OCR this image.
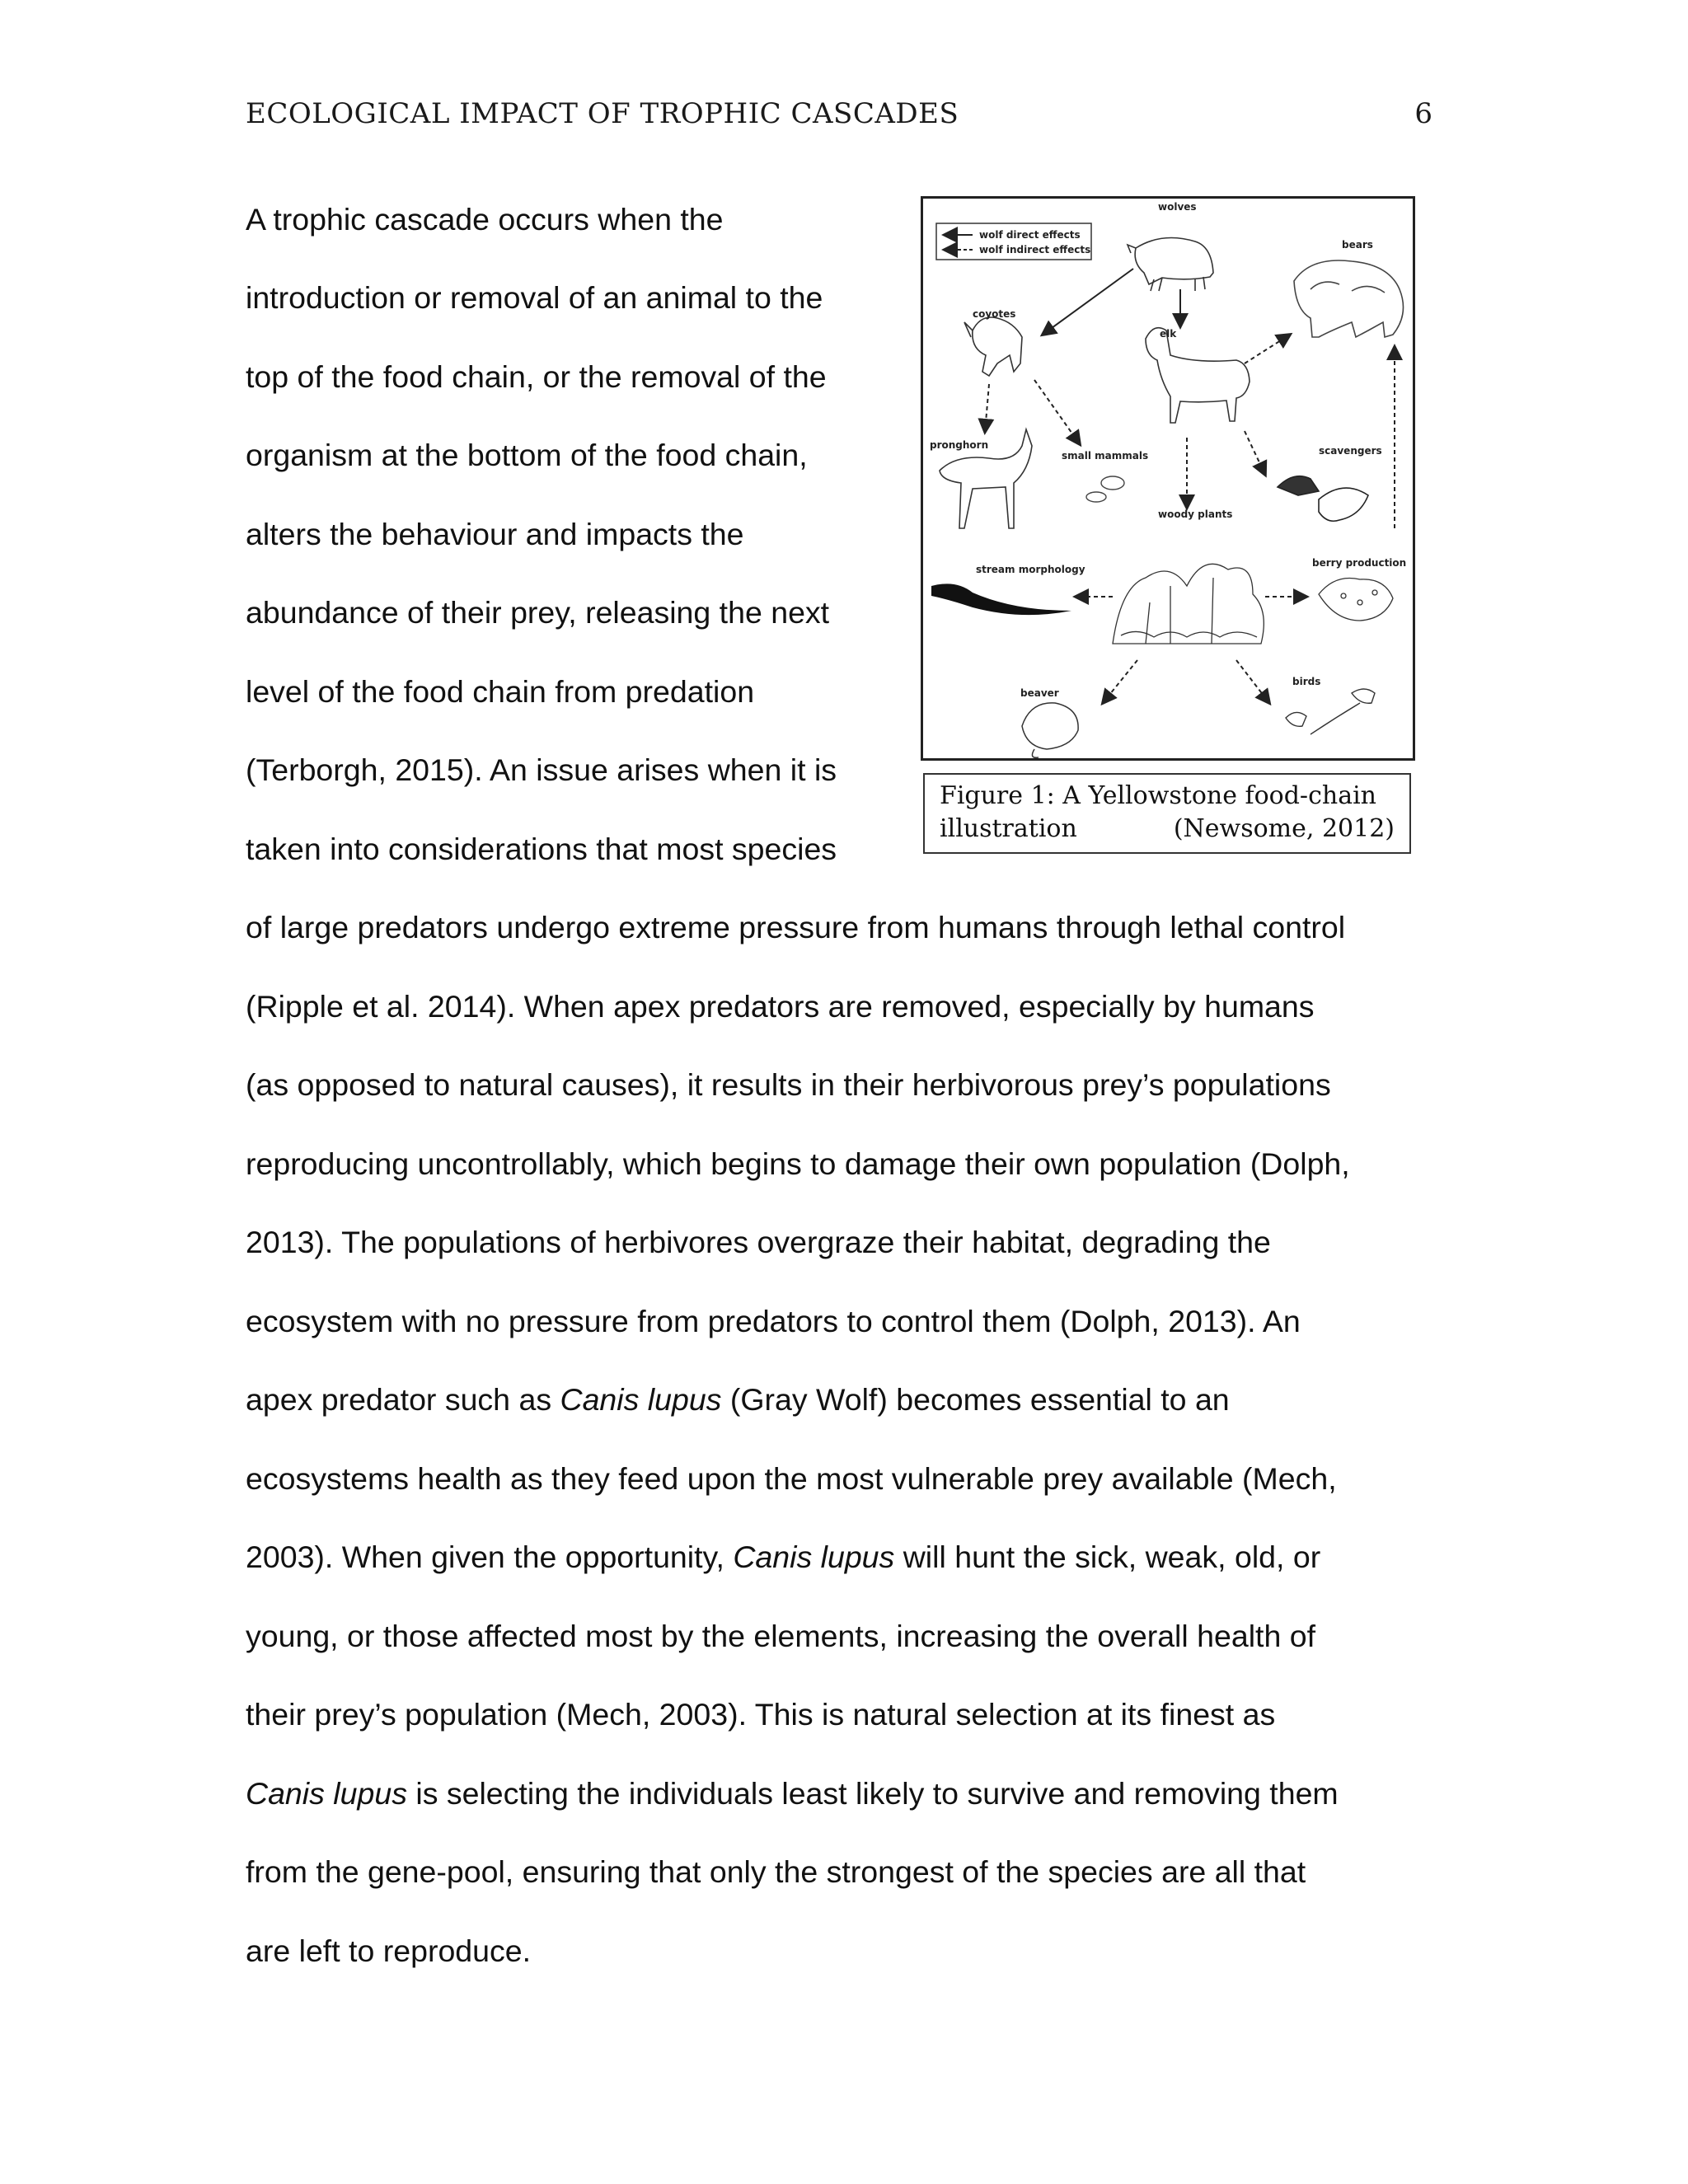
ECOLOGICAL IMPACT OF TROPHIC CASCADES	6
A trophic cascade occurs when the
introduction or removal of an animal to the
top of the food chain, or the removal of the
organism at the bottom of the food chain,
alters the behaviour and impacts the
abundance of their prey, releasing the next
level of the food chain from predation
(Terborgh, 2015). An issue arises when it is
taken into considerations that most species
of large predators undergo extreme pressure from humans through lethal control
(Ripple et al. 2014). When apex predators are removed, especially by humans
(as opposed to natural causes), it results in their herbivorous prey’s populations
reproducing uncontrollably, which begins to damage their own population (Dolph,
2013). The populations of herbivores overgraze their habitat, degrading the
ecosystem with no pressure from predators to control them (Dolph, 2013). An
apex predator such as Canis lupus (Gray Wolf) becomes essential to an
ecosystems health as they feed upon the most vulnerable prey available (Mech,
2003). When given the opportunity, Canis lupus will hunt the sick, weak, old, or
young, or those affected most by the elements, increasing the overall health of
their prey’s population (Mech, 2003). This is natural selection at its finest as
Canis lupus is selecting the individuals least likely to survive and removing them
from the gene-pool, ensuring that only the strongest of the species are all that
are left to reproduce.
wolf direct effects
wolf indirect effects
wolves
bears
coyotes
elk
pronghorn
small mammals	scavengers
woody plants
stream morphology
berry production
beaver
birds
Figure 1: A Yellowstone food-chain
illustration	(Newsome, 2012)
